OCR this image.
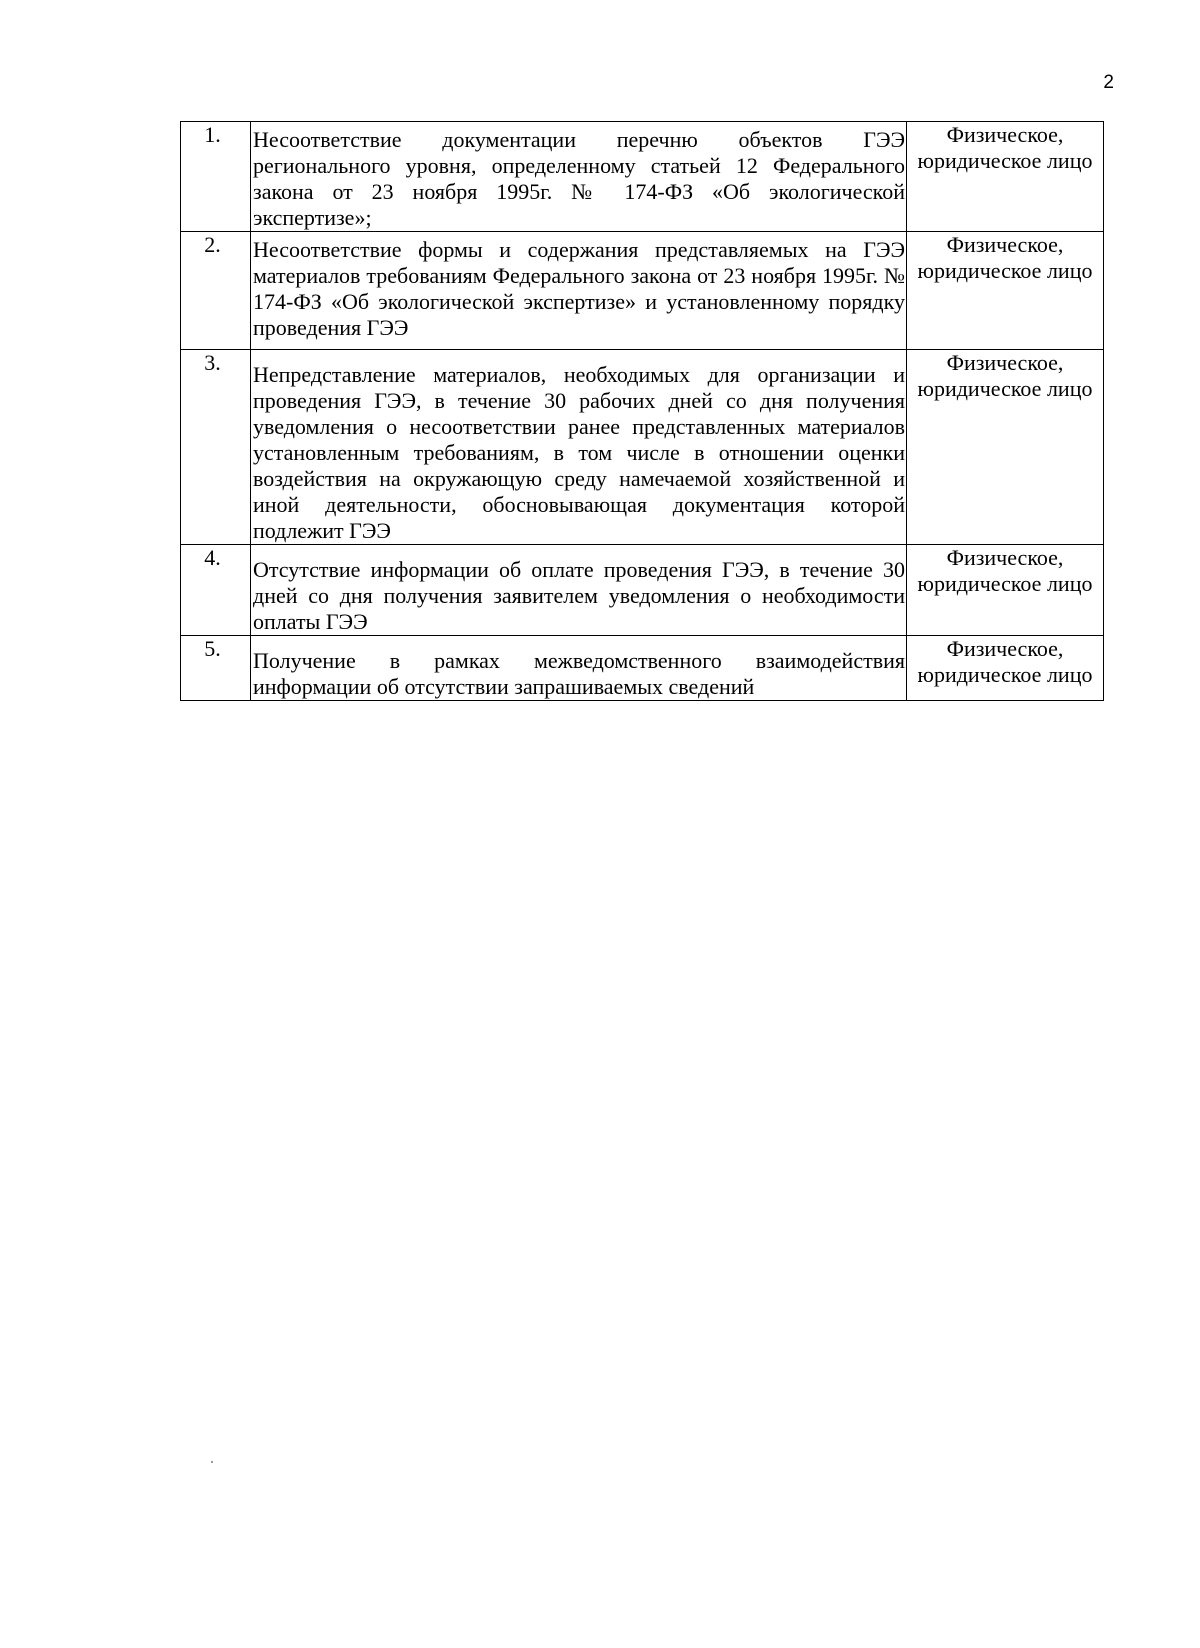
2
1.	Несоответствие документации перечню объектов ГЭЭ регионального уровня, определенному статьей 12 Федерального закона от 23 ноября 1995г. № 174-ФЗ «Об экологической экспертизе»;	Физическое,
юридическое лицо

2.	Несоответствие формы и содержания представляемых на ГЭЭ материалов требованиям Федерального закона от 23 ноября 1995г. № 174-ФЗ «Об экологической экспертизе» и установленному порядку проведения ГЭЭ	Физическое,
юридическое лицо

3.	Непредставление материалов, необходимых для организации и проведения ГЭЭ, в течение 30 рабочих дней со дня получения уведомления о несоответствии ранее представленных материалов установленным требованиям, в том числе в отношении оценки воздействия на окружающую среду намечаемой хозяйственной и иной деятельности, обосновывающая документация которой подлежит ГЭЭ	Физическое,
юридическое лицо

4.	Отсутствие информации об оплате проведения ГЭЭ, в течение 30 дней со дня получения заявителем уведомления о необходимости оплаты ГЭЭ	Физическое,
юридическое лицо

5.	Получение в рамках межведомственного взаимодействия информации об отсутствии запрашиваемых сведений	Физическое,
юридическое лицо
